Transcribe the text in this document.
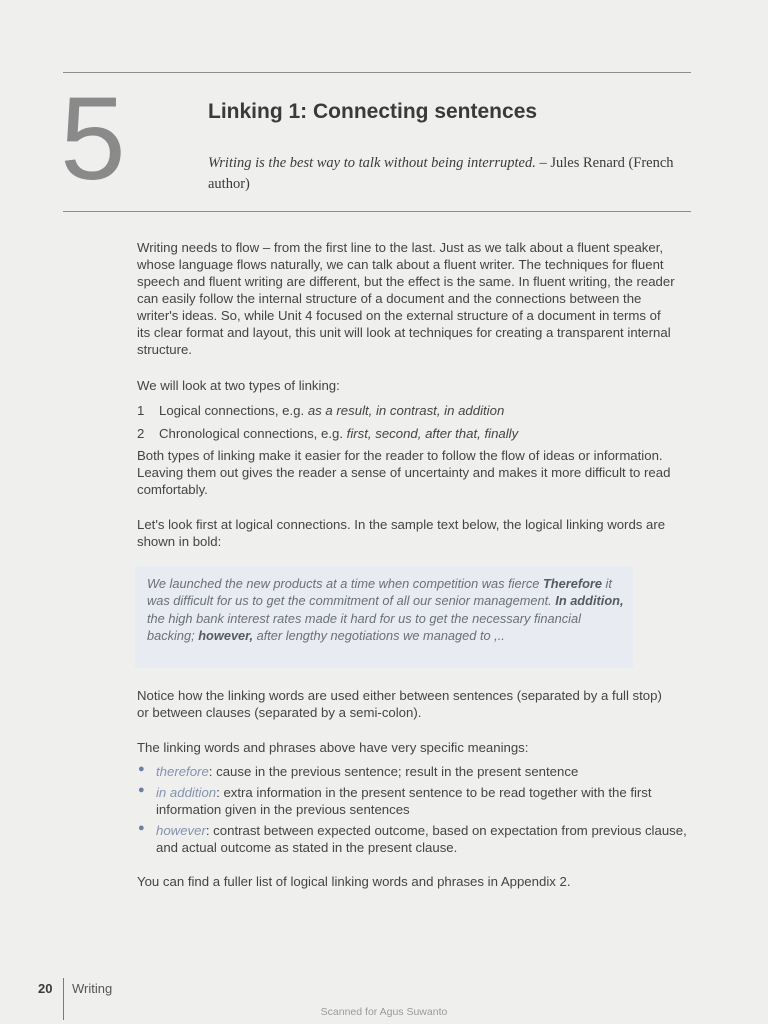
5	Linking 1: Connecting sentences
Writing is the best way to talk without being interrupted. – Jules Renard (French author)
Writing needs to flow – from the first line to the last. Just as we talk about a fluent speaker, whose language flows naturally, we can talk about a fluent writer. The techniques for fluent speech and fluent writing are different, but the effect is the same. In fluent writing, the reader can easily follow the internal structure of a document and the connections between the writer's ideas. So, while Unit 4 focused on the external structure of a document in terms of its clear format and layout, this unit will look at techniques for creating a transparent internal structure.
We will look at two types of linking:
1 Logical connections, e.g. as a result, in contrast, in addition
2 Chronological connections, e.g. first, second, after that, finally
Both types of linking make it easier for the reader to follow the flow of ideas or information. Leaving them out gives the reader a sense of uncertainty and makes it more difficult to read comfortably.
Let's look first at logical connections. In the sample text below, the logical linking words are shown in bold:
We launched the new products at a time when competition was fierce Therefore it was difficult for us to get the commitment of all our senior management. In addition, the high bank interest rates made it hard for us to get the necessary financial backing; however, after lengthy negotiations we managed to ,..
Notice how the linking words are used either between sentences (separated by a full stop) or between clauses (separated by a semi-colon).
The linking words and phrases above have very specific meanings:
● therefore: cause in the previous sentence; result in the present sentence
● in addition: extra information in the present sentence to be read together with the first information given in the previous sentences
● however: contrast between expected outcome, based on expectation from previous clause, and actual outcome as stated in the present clause.
You can find a fuller list of logical linking words and phrases in Appendix 2.
20 Writing
Scanned for Agus Suwanto
